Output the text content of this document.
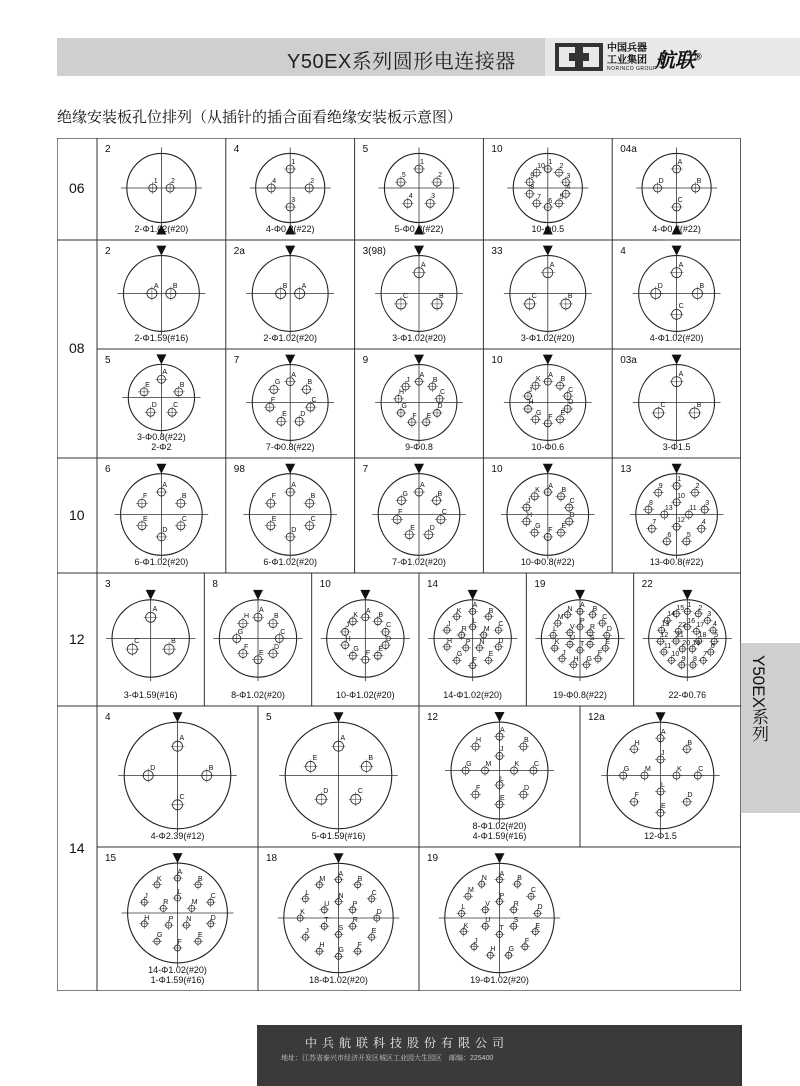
Y50EX系列圆形电连接器
中国兵器
工业集团
NORINCO GROUP
航联®
绝缘安装板孔位排列（从插针的插合面看绝缘安装板示意图）
Y50EX系列
06
08
10
12
14
2
1 2
2-Φ1.02(#20)
4
1
2
3
4
4-Φ0.8(#22)
5
1
2
3
4
5
5-Φ0.8(#22)
10
1
2
3
4
5
6
7
8
9
10
10-Φ0.5
04a
A
B
C
D
4-Φ0.8(#22)
2
A B
2-Φ1.59(#16)
2a
B A
2-Φ1.02(#20)
3(98)
A
B
C
3-Φ1.02(#20)
33
A
B
C
3-Φ1.02(#20)
4
A
B
C
D
4-Φ1.02(#20)
5
A
B
C
D
E
3-Φ0.8(#22)
2-Φ2
7
A
B
C
D
E
F
G
7-Φ0.8(#22)
9
A
B
C
D
E
F
G
H
J
9-Φ0.8
10
A
B
C
D
E
F
G
H
J
K
10-Φ0.6
03a
A
B
C
3-Φ1.5
6
A
B
C
D
E
F
6-Φ1.02(#20)
98
A
B
C
D
E
F
6-Φ1.02(#20)
7
A
B
C
D
E
F
G
7-Φ1.02(#20)
10
A
B
C
D
E
F
G
H
J
K
10-Φ0.8(#22)
13
1
2
3
4
5
6
7
8
9
10
11
12
13
13-Φ0.8(#22)
3
A
B
C
3-Φ1.59(#16)
8
A
B
C
D
E
F
G
H
8-Φ1.02(#20)
10
A
B
C
D
E
F
G
H
J
K
10-Φ1.02(#20)
14
A
B
C
D
E
F
G
H
J
K
L
M
N
P
R
14-Φ1.02(#20)
19
A B
C
D
E
F
G
H
J
K
L
M
N
P
R
S
T
U
V
19-Φ0.8(#22)
22
1 2
3
4
5
6
7
8
9
10
11
12
13
14
15
16
17
18
19
20
21
22
22-Φ0.76
4
A
B
C
D
4-Φ2.39(#12)
5
A
B
C
D
E
5-Φ1.59(#16)
12
A
B
C
D
E
F
G
H
J
K
L
M
8-Φ1.02(#20)
4-Φ1.59(#16)
12a
A
B
C
D
E
F
G
H
J
K
L
M
12-Φ1.5
15
A
B
C
D
E
F
G
H
J
K
L
M
N
P
R
14-Φ1.02(#20)
1-Φ1.59(#16)
18
A
B
C
D
E
F
G
H
J
K
L
M
N
P
R
S
T
U
18-Φ1.02(#20)
19
A
B
C
D
E
F
G
H
J
K
L
M
N
P
R
S
T
U
V
19-Φ1.02(#20)
中兵航联科技股份有限公司
地址：江苏省泰兴市经济开发区城区工业园大生园区　邮编：225400
